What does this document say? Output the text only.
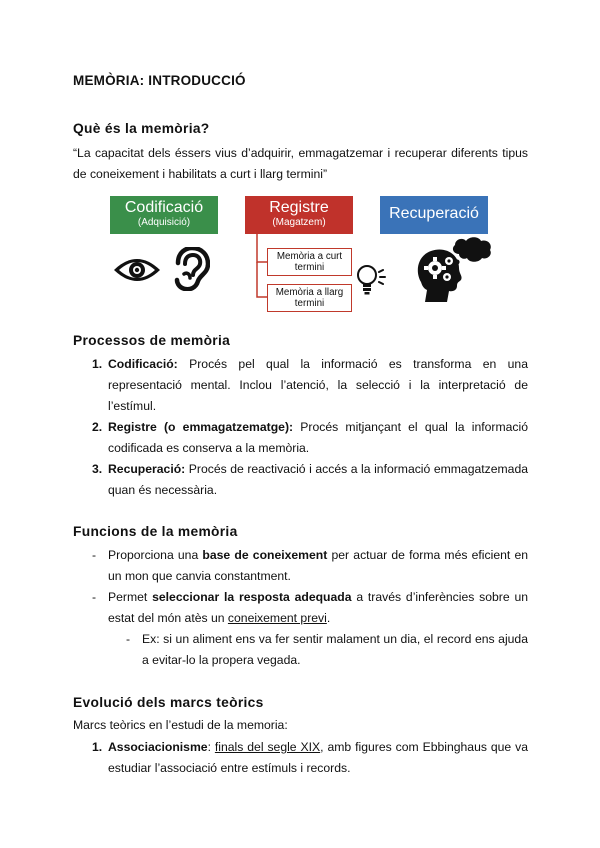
MEMÒRIA: INTRODUCCIÓ
Què és la memòria?
“La capacitat dels éssers vius d’adquirir, emmagatzemar i recuperar diferents tipus de coneixement i habilitats a curt i llarg termini”
Codificació
(Adquisició)
Registre
(Magatzem)
Recuperació
Memòria a curt termini
Memòria a llarg termini
Processos de memòria
1. Codificació: Procés pel qual la informació es transforma en una representació mental. Inclou l’atenció, la selecció i la interpretació de l’estímul.
2. Registre (o emmagatzematge): Procés mitjançant el qual la informació codificada es conserva a la memòria.
3. Recuperació: Procés de reactivació i accés a la informació emmagatzemada quan és necessària.
Funcions de la memòria
- Proporciona una base de coneixement per actuar de forma més eficient en un mon que canvia constantment.
- Permet seleccionar la resposta adequada a través d’inferències sobre un estat del món atès un coneixement previ.
- Ex: si un aliment ens va fer sentir malament un dia, el record ens ajuda a evitar-lo la propera vegada.
Evolució dels marcs teòrics
Marcs teòrics en l’estudi de la memoria:
1. Associacionisme: finals del segle XIX, amb figures com Ebbinghaus que va estudiar l’associació entre estímuls i records.
